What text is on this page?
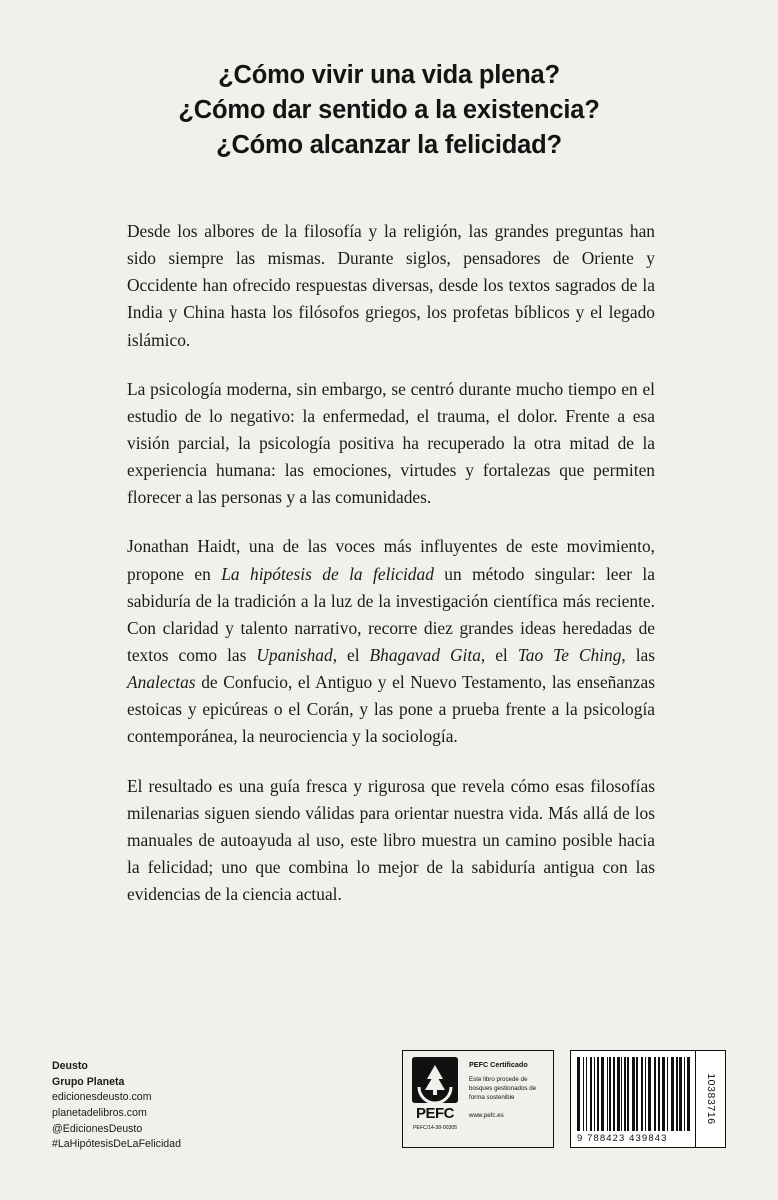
¿Cómo vivir una vida plena?
¿Cómo dar sentido a la existencia?
¿Cómo alcanzar la felicidad?

Desde los albores de la filosofía y la religión, las grandes preguntas han sido siempre las mismas. Durante siglos, pensadores de Oriente y Occidente han ofrecido respuestas diversas, desde los textos sagrados de la India y China hasta los filósofos griegos, los profetas bíblicos y el legado islámico.

La psicología moderna, sin embargo, se centró durante mucho tiempo en el estudio de lo negativo: la enfermedad, el trauma, el dolor. Frente a esa visión parcial, la psicología positiva ha recuperado la otra mitad de la experiencia humana: las emociones, virtudes y fortalezas que permiten florecer a las personas y a las comunidades.

Jonathan Haidt, una de las voces más influyentes de este movimiento, propone en La hipótesis de la felicidad un método singular: leer la sabiduría de la tradición a la luz de la investigación científica más reciente. Con claridad y talento narrativo, recorre diez grandes ideas heredadas de textos como las Upanishad, el Bhagavad Gita, el Tao Te Ching, las Analectas de Confucio, el Antiguo y el Nuevo Testamento, las enseñanzas estoicas y epicúreas o el Corán, y las pone a prueba frente a la psicología contemporánea, la neurociencia y la sociología.

El resultado es una guía fresca y rigurosa que revela cómo esas filosofías milenarias siguen siendo válidas para orientar nuestra vida. Más allá de los manuales de autoayuda al uso, este libro muestra un camino posible hacia la felicidad; uno que combina lo mejor de la sabiduría antigua con las evidencias de la ciencia actual.

Deusto
Grupo Planeta
edicionesdeusto.com
planetadelibros.com
@EdicionesDeusto
#LaHipótesisDeLaFelicidad
PEFC
PEFC/14-38-00305
PEFC Certificado
Este libro procede de bosques gestionados de forma sostenible
www.pefc.es
9 788423 439843
10383716
